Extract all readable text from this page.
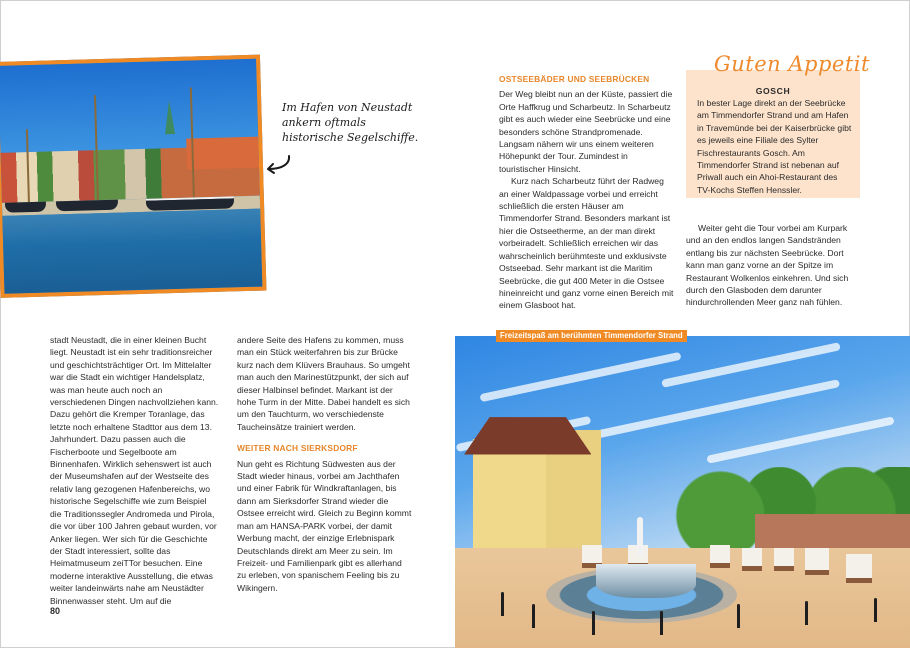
Im Hafen von Neustadt
ankern oftmals
historische Segelschiffe.

stadt Neustadt, die in einer kleinen Bucht liegt. Neustadt ist ein sehr traditionsreicher und geschichtsträchtiger Ort. Im Mittelalter war die Stadt ein wichtiger Handelsplatz, was man heute auch noch an verschiedenen Dingen nachvollziehen kann. Dazu gehört die Kremper Toranlage, das letzte noch erhaltene Stadttor aus dem 13. Jahrhundert. Dazu passen auch die Fischerboote und Segelboote am Binnenhafen. Wirklich sehenswert ist auch der Museumshafen auf der Westseite des relativ lang gezogenen Hafenbereichs, wo historische Segelschiffe wie zum Beispiel die Traditionssegler Andromeda und Pirola, die vor über 100 Jahren gebaut wurden, vor Anker liegen. Wer sich für die Geschichte der Stadt interessiert, sollte das Heimatmuseum zeiTTor besuchen. Eine moderne interaktive Ausstellung, die etwas weiter landeinwärts nahe am Neustädter Binnenwasser steht. Um auf die

andere Seite des Hafens zu kommen, muss man ein Stück weiterfahren bis zur Brücke kurz nach dem Klüvers Brauhaus. So umgeht man auch den Marinestützpunkt, der sich auf dieser Halbinsel befindet. Markant ist der hohe Turm in der Mitte. Dabei handelt es sich um den Tauchturm, wo verschiedenste Taucheinsätze trainiert werden.

WEITER NACH SIERKSDORF

Nun geht es Richtung Südwesten aus der Stadt wieder hinaus, vorbei am Jachthafen und einer Fabrik für Windkraftanlagen, bis dann am Sierksdorfer Strand wieder die Ostsee erreicht wird. Gleich zu Beginn kommt man am HANSA-PARK vorbei, der damit Werbung macht, der einzige Erlebnispark Deutschlands direkt am Meer zu sein. Im Freizeit- und Familienpark gibt es allerhand zu erleben, von spanischem Feeling bis zu Wikingern.

80
OSTSEEBÄDER UND SEEBRÜCKEN

Der Weg bleibt nun an der Küste, passiert die Orte Haffkrug und Scharbeutz. In Scharbeutz gibt es auch wieder eine Seebrücke und eine besonders schöne Strandpromenade. Langsam nähern wir uns einem weiteren Höhepunkt der Tour. Zumindest in touristischer Hinsicht.

Kurz nach Scharbeutz führt der Radweg an einer Waldpassage vorbei und erreicht schließlich die ersten Häuser am Timmendorfer Strand. Besonders markant ist hier die Ostseetherme, an der man direkt vorbeiradelt. Schließlich erreichen wir das wahrscheinlich berühmteste und exklusivste Ostseebad. Sehr markant ist die Maritim Seebrücke, die gut 400 Meter in die Ostsee hineinreicht und ganz vorne einen Bereich mit einem Glasboot hat.

Guten Appetit
GOSCH
In bester Lage direkt an der Seebrücke am Timmendorfer Strand und am Hafen in Travemünde bei der Kaiserbrücke gibt es jeweils eine Filiale des Sylter Fischrestaurants Gosch. Am Timmendorfer Strand ist nebenan auf Priwall auch ein Ahoi-Restaurant des TV-Kochs Steffen Henssler.

Weiter geht die Tour vorbei am Kurpark und an den endlos langen Sandstränden entlang bis zur nächsten Seebrücke. Dort kann man ganz vorne an der Spitze im Restaurant Wolkenlos einkehren. Und sich durch den Glasboden dem darunter hindurchrollenden Meer ganz nah fühlen.

Freizeitspaß am berühmten Timmendorfer Strand
